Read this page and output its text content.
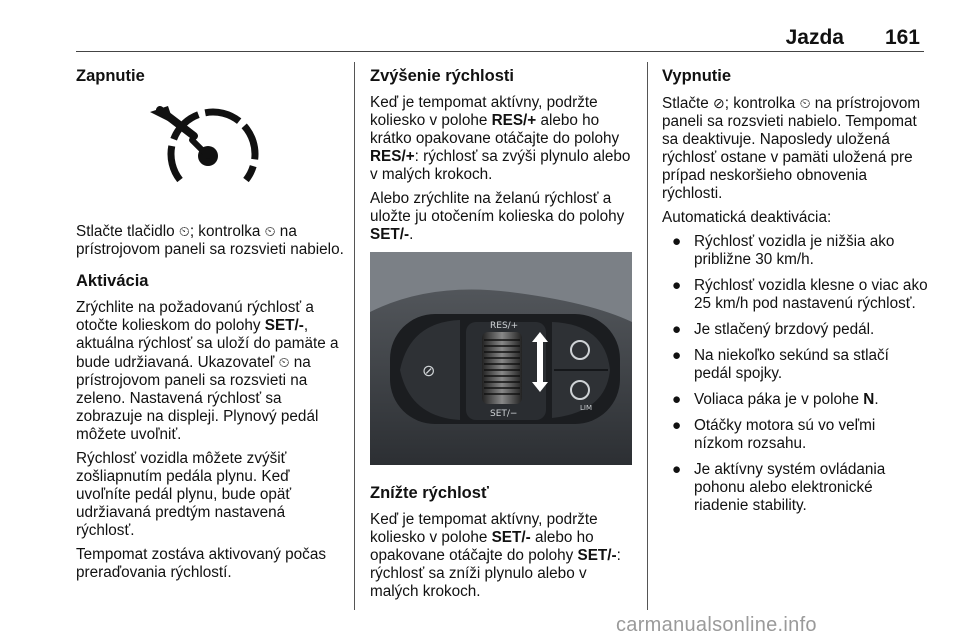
Jazda 161
Zapnutie

Stlačte tlačidlo ⏲; kontrolka ⏲ na prístrojovom paneli sa rozsvieti nabielo.

Aktivácia

Zrýchlite na požadovanú rýchlosť a otočte kolieskom do polohy SET/-, aktuálna rýchlosť sa uloží do pamäte a bude udržiavaná. Ukazovateľ ⏲ na prístrojovom paneli sa rozsvieti na zeleno. Nastavená rýchlosť sa zobrazuje na displeji. Plynový pedál môžete uvoľniť.

Rýchlosť vozidla môžete zvýšiť zošliapnutím pedála plynu. Keď uvoľníte pedál plynu, bude opäť udržiavaná predtým nastavená rýchlosť.

Tempomat zostáva aktivovaný počas preraďovania rýchlostí.

Zvýšenie rýchlosti

Keď je tempomat aktívny, podržte koliesko v polohe RES/+ alebo ho krátko opakovane otáčajte do polohy RES/+: rýchlosť sa zvýši plynulo alebo v malých krokoch.

Alebo zrýchlite na želanú rýchlosť a uložte ju otočením kolieska do polohy SET/-.

⊘
RES/+
SET/−
LIM
Znížte rýchlosť

Keď je tempomat aktívny, podržte koliesko v polohe SET/- alebo ho opakovane otáčajte do polohy SET/-: rýchlosť sa zníži plynulo alebo v malých krokoch.

Vypnutie

Stlačte ⊘; kontrolka ⏲ na prístrojovom paneli sa rozsvieti nabielo. Tempomat sa deaktivuje. Naposledy uložená rýchlosť ostane v pamäti uložená pre prípad neskoršieho obnovenia rýchlosti.

Automatická deaktivácia:

● Rýchlosť vozidla je nižšia ako približne 30 km/h.
● Rýchlosť vozidla klesne o viac ako 25 km/h pod nastavenú rýchlosť.
● Je stlačený brzdový pedál.
● Na niekoľko sekúnd sa stlačí pedál spojky.
● Voliaca páka je v polohe N.
● Otáčky motora sú vo veľmi nízkom rozsahu.
● Je aktívny systém ovládania pohonu alebo elektronické riadenie stability.
carmanualsonline.info
